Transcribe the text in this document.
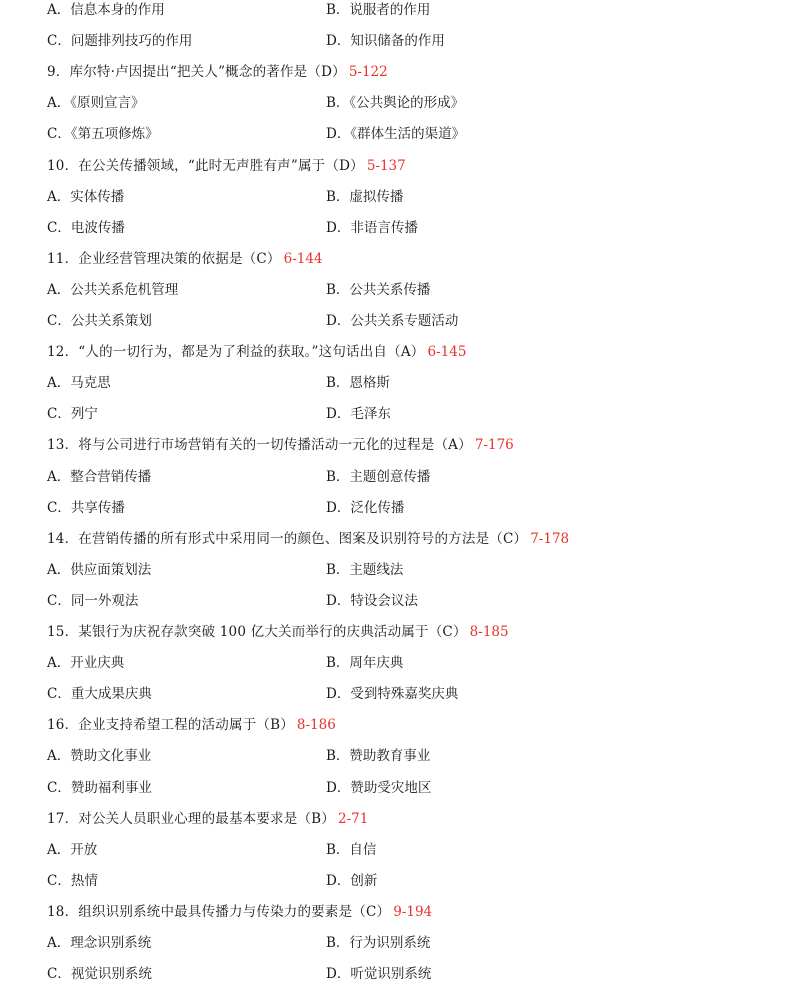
A．信息本身的作用	B．说服者的作用
C．问题排列技巧的作用	D．知识储备的作用
9．库尔特·卢因提出“把关人”概念的著作是（D） 5-122
A．《原则宣言》	B．《公共舆论的形成》
C．《第五项修炼》	D．《群体生活的渠道》
10．在公关传播领域，“此时无声胜有声”属于（D） 5-137
A．实体传播	B．虚拟传播
C．电波传播	D．非语言传播
11．企业经营管理决策的依据是（C） 6-144
A．公共关系危机管理	B．公共关系传播
C．公共关系策划	D．公共关系专题活动
12．“人的一切行为，都是为了利益的获取。”这句话出自（A） 6-145
A．马克思	B．恩格斯
C．列宁	D．毛泽东
13．将与公司进行市场营销有关的一切传播活动一元化的过程是（A） 7-176
A．整合营销传播	B．主题创意传播
C．共享传播	D．泛化传播
14．在营销传播的所有形式中采用同一的颜色、图案及识别符号的方法是（C） 7-178
A．供应面策划法	B．主题线法
C．同一外观法	D．特设会议法
15．某银行为庆祝存款突破 100 亿大关而举行的庆典活动属于（C） 8-185
A．开业庆典	B．周年庆典
C．重大成果庆典	D．受到特殊嘉奖庆典
16．企业支持希望工程的活动属于（B） 8-186
A．赞助文化事业	B．赞助教育事业
C．赞助福利事业	D．赞助受灾地区
17．对公关人员职业心理的最基本要求是（B） 2-71
A．开放	B．自信
C．热情	D．创新
18．组织识别系统中最具传播力与传染力的要素是（C） 9-194
A．理念识别系统	B．行为识别系统
C．视觉识别系统	D．听觉识别系统
